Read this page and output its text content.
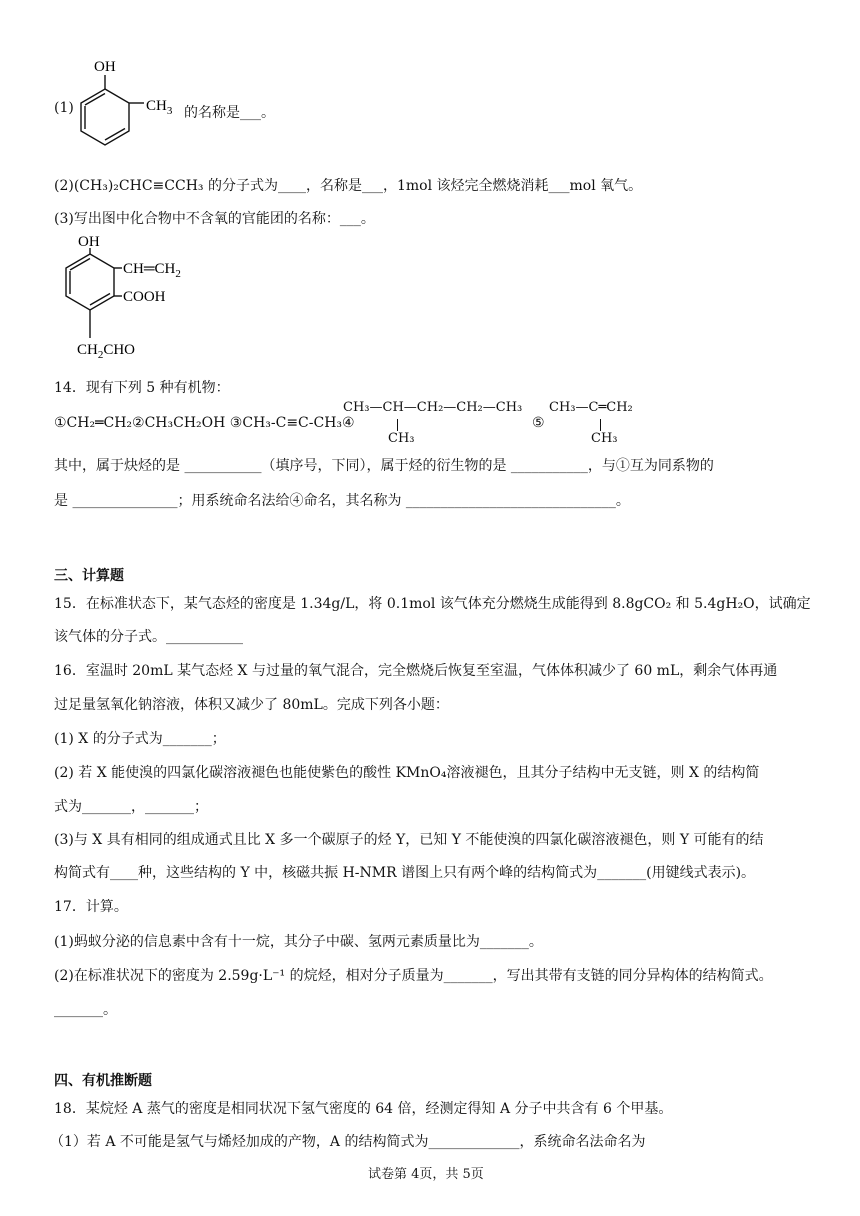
(1)
OH
$CH_3$ 的名称是___。
(2)(CH₃)₂CHC≡CCH₃ 的分子式为____，名称是___，1mol 该烃完全燃烧消耗___mol 氧气。
(3)写出图中化合物中不含氧的官能团的名称：___。
OH
$CH═CH_2$
COOH
$CH_2CHO$
14．现有下列 5 种有机物：
①CH₂═CH₂②CH₃CH₂OH ③CH₃-C≡C-CH₃④
CH₃—CH—CH₂—CH₂—CH₃
CH₃
⑤
CH₃—C═CH₂
CH₃
其中，属于炔烃的是 ___________（填序号，下同），属于烃的衍生物的是 ___________，与①互为同系物的
是 _______________；用系统命名法给④命名，其名称为 ______________________________。
三、计算题
15．在标准状态下，某气态烃的密度是 1.34g/L，将 0.1mol 该气体充分燃烧生成能得到 8.8gCO₂ 和 5.4gH₂O，试确定
该气体的分子式。___________
16．室温时 20mL 某气态烃 X 与过量的氧气混合，完全燃烧后恢复至室温，气体体积减少了 60 mL，剩余气体再通
过足量氢氧化钠溶液，体积又减少了 80mL。完成下列各小题：
(1) X 的分子式为_______；
(2) 若 X 能使溴的四氯化碳溶液褪色也能使紫色的酸性 KMnO₄溶液褪色，且其分子结构中无支链，则 X 的结构简
式为_______，_______；
(3)与 X 具有相同的组成通式且比 X 多一个碳原子的烃 Y，已知 Y 不能使溴的四氯化碳溶液褪色，则 Y 可能有的结
构简式有____种，这些结构的 Y 中，核磁共振 H-NMR 谱图上只有两个峰的结构简式为_______(用键线式表示)。
17．计算。
(1)蚂蚁分泌的信息素中含有十一烷，其分子中碳、氢两元素质量比为_______。
(2)在标准状况下的密度为 2.59g·L⁻¹ 的烷烃，相对分子质量为_______，写出其带有支链的同分异构体的结构简式。
_______。
四、有机推断题
18．某烷烃 A 蒸气的密度是相同状况下氢气密度的 64 倍，经测定得知 A 分子中共含有 6 个甲基。
（1）若 A 不可能是氢气与烯烃加成的产物，A 的结构简式为_____________，系统命名法命名为
试卷第 4页，共 5页
